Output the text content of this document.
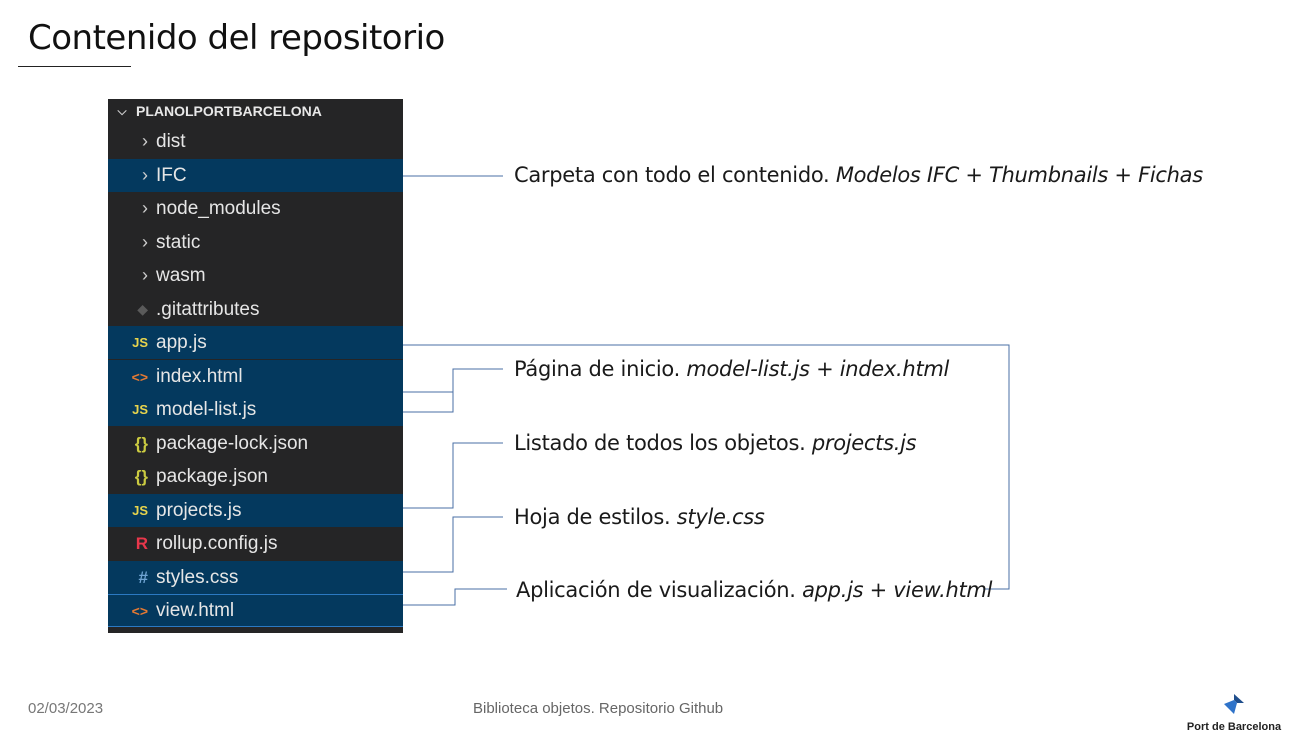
Contenido del repositorio
⌵ PLANOLPORTBARCELONA
› dist
› IFC
› node_modules
› static
› wasm
◆ .gitattributes
JS app.js
<> index.html
JS model-list.js
{} package-lock.json
{} package.json
JS projects.js
R rollup.config.js
# styles.css
<> view.html
Carpeta con todo el contenido. Modelos IFC + Thumbnails + Fichas
Página de inicio. model-list.js + index.html
Listado de todos los objetos. projects.js
Hoja de estilos. style.css
Aplicación de visualización. app.js + view.html
02/03/2023	Biblioteca objetos. Repositorio Github
Port de Barcelona
